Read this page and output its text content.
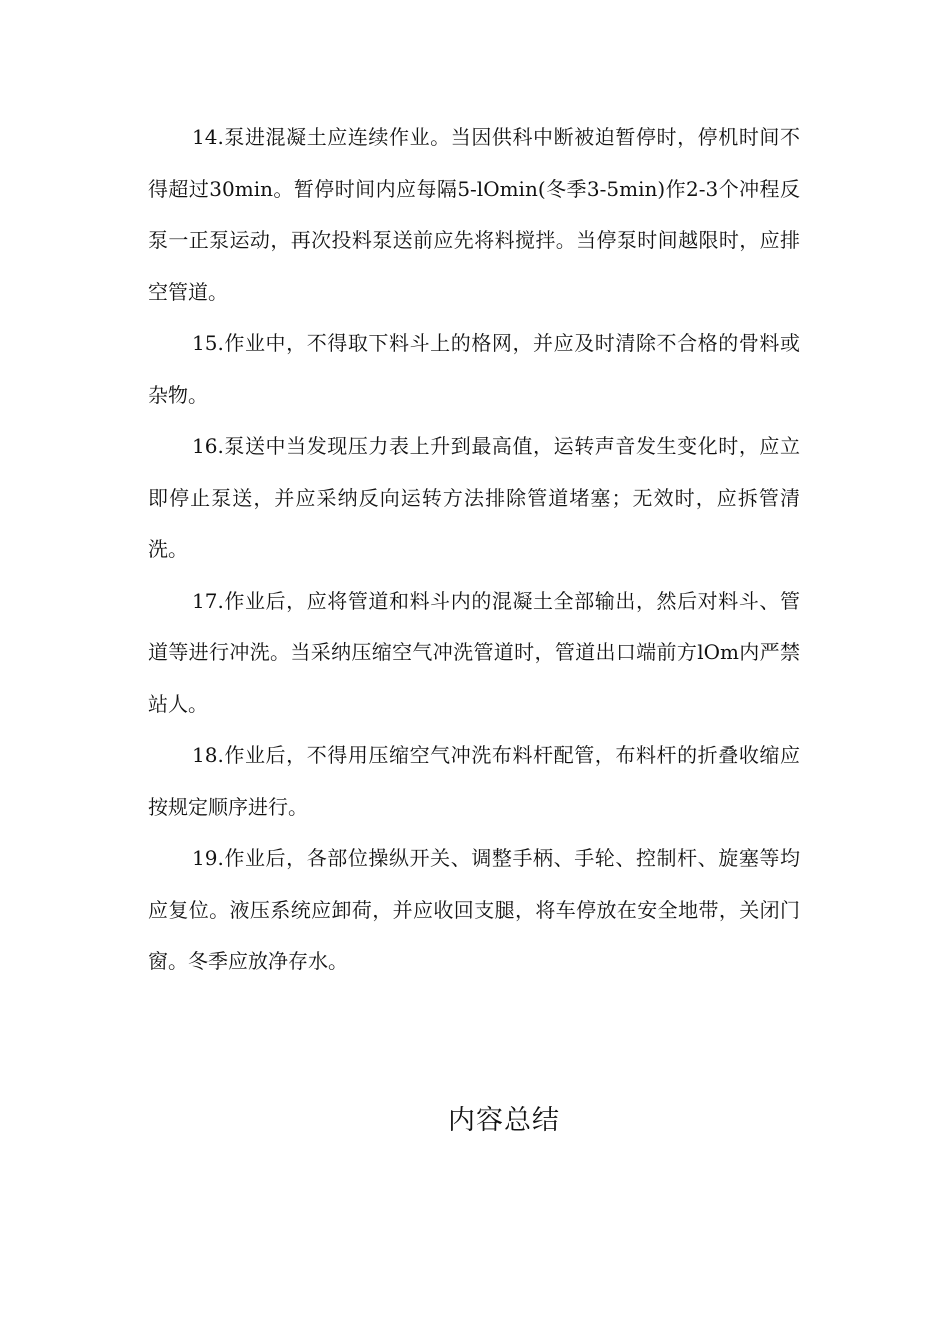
14.泵进混凝土应连续作业。当因供科中断被迫暂停时，停机时间不得超过30min。暂停时间内应每隔5-lOmin(冬季3-5min)作2-3个冲程反泵一正泵运动，再次投料泵送前应先将料搅拌。当停泵时间越限时，应排空管道。

15.作业中，不得取下料斗上的格网，并应及时清除不合格的骨料或杂物。

16.泵送中当发现压力表上升到最高值，运转声音发生变化时，应立即停止泵送，并应采纳反向运转方法排除管道堵塞；无效时，应拆管清洗。

17.作业后，应将管道和料斗内的混凝土全部输出，然后对料斗、管道等进行冲洗。当采纳压缩空气冲洗管道时，管道出口端前方lOm内严禁站人。

18.作业后，不得用压缩空气冲洗布料杆配管，布料杆的折叠收缩应按规定顺序进行。

19.作业后，各部位操纵开关、调整手柄、手轮、控制杆、旋塞等均应复位。液压系统应卸荷，并应收回支腿，将车停放在安全地带，关闭门窗。冬季应放净存水。

内容总结
